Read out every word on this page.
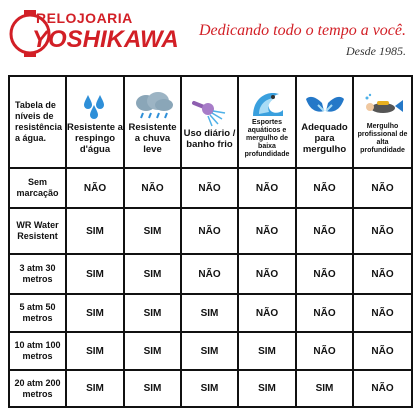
RELOJOARIA
YOSHIKAWA Dedicando todo o tempo a você.
Desde 1985.
Tabela de níveis de resistência a água.	Resistente a respingo d'água	Resistente a chuva leve	Uso diário / banho frio	Esportes aquáticos e mergulho de baixa profundidade	Adequado para mergulho	Mergulho profissional de alta profundidade

Sem marcação	NÃO	NÃO	NÃO	NÃO	NÃO	NÃO
WR Water Resistent	SIM	SIM	NÃO	NÃO	NÃO	NÃO
3 atm 30 metros	SIM	SIM	NÃO	NÃO	NÃO	NÃO
5 atm 50 metros	SIM	SIM	SIM	NÃO	NÃO	NÃO
10 atm 100 metros	SIM	SIM	SIM	SIM	NÃO	NÃO
20 atm 200 metros	SIM	SIM	SIM	SIM	SIM	NÃO
